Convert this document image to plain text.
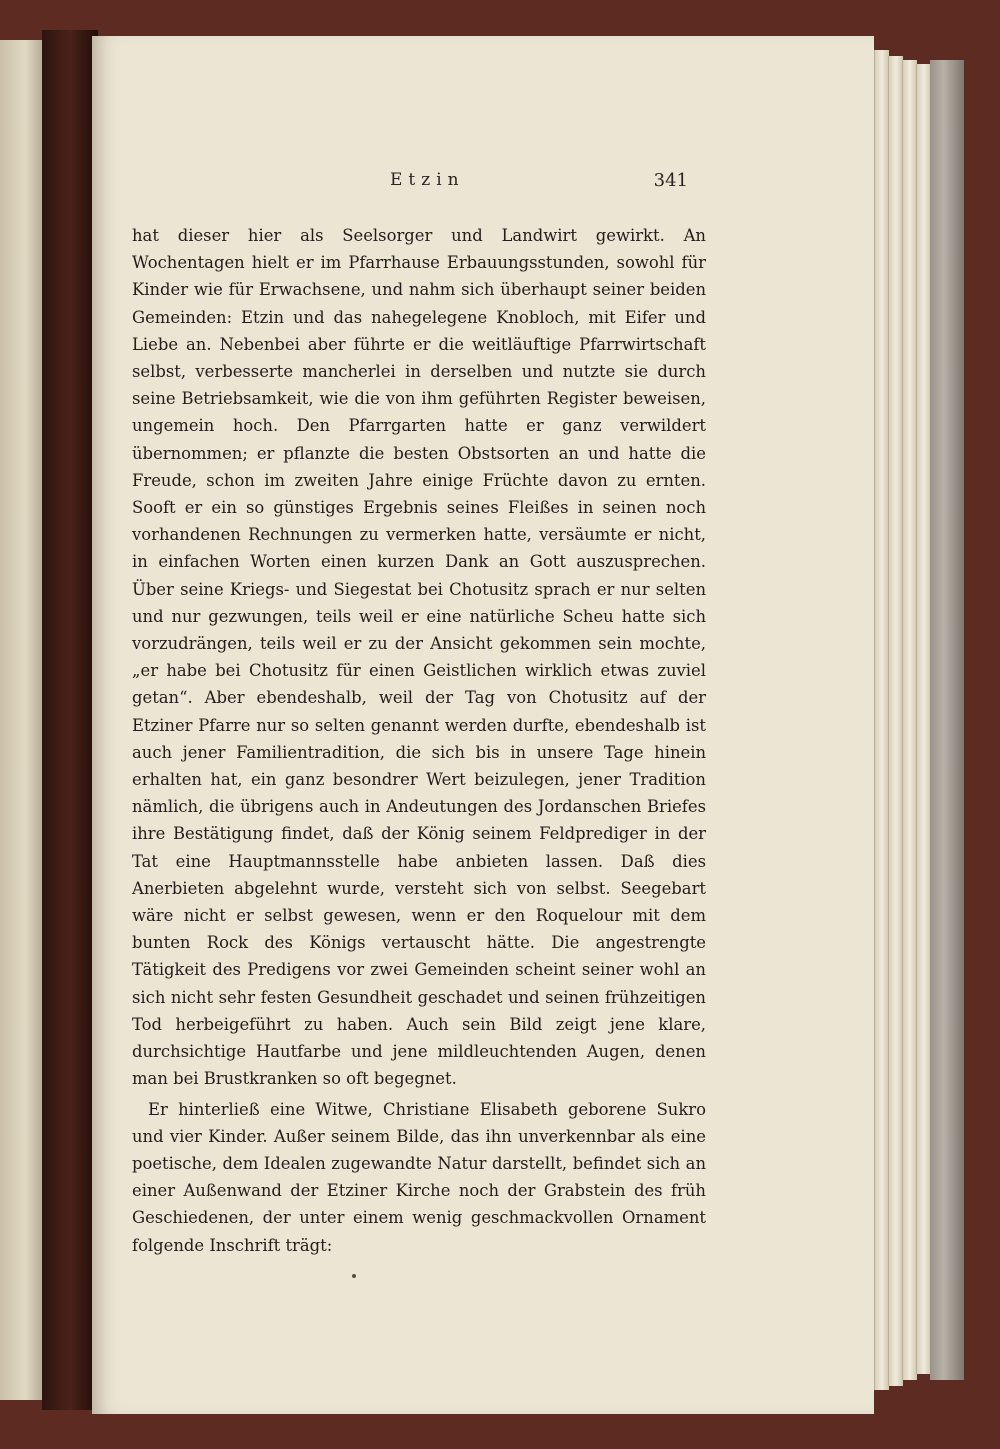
Etzin	341

hat dieser hier als Seelsorger und Landwirt gewirkt. An Wochentagen hielt er im Pfarrhause Erbauungsstunden, sowohl für Kinder wie für Erwachsene, und nahm sich überhaupt seiner beiden Gemeinden: Etzin und das nahegelegene Knobloch, mit Eifer und Liebe an. Nebenbei aber führte er die weitläuftige Pfarrwirtschaft selbst, verbesserte mancherlei in derselben und nutzte sie durch seine Betriebsamkeit, wie die von ihm geführten Register beweisen, ungemein hoch. Den Pfarrgarten hatte er ganz verwildert übernommen; er pflanzte die besten Obstsorten an und hatte die Freude, schon im zweiten Jahre einige Früchte davon zu ernten. Sooft er ein so günstiges Ergebnis seines Fleißes in seinen noch vorhandenen Rechnungen zu vermerken hatte, versäumte er nicht, in einfachen Worten einen kurzen Dank an Gott auszusprechen. Über seine Kriegs- und Siegestat bei Chotusitz sprach er nur selten und nur gezwungen, teils weil er eine natürliche Scheu hatte sich vorzudrängen, teils weil er zu der Ansicht gekommen sein mochte, „er habe bei Chotusitz für einen Geistlichen wirklich etwas zuviel getan“. Aber ebendeshalb, weil der Tag von Chotusitz auf der Etziner Pfarre nur so selten genannt werden durfte, ebendeshalb ist auch jener Familientradition, die sich bis in unsere Tage hinein erhalten hat, ein ganz besondrer Wert beizulegen, jener Tradition nämlich, die übrigens auch in Andeutungen des Jordanschen Briefes ihre Bestätigung findet, daß der König seinem Feldprediger in der Tat eine Hauptmannsstelle habe anbieten lassen. Daß dies Anerbieten abgelehnt wurde, versteht sich von selbst. Seegebart wäre nicht er selbst gewesen, wenn er den Roquelour mit dem bunten Rock des Königs vertauscht hätte. Die angestrengte Tätigkeit des Predigens vor zwei Gemeinden scheint seiner wohl an sich nicht sehr festen Gesundheit geschadet und seinen frühzeitigen Tod herbeigeführt zu haben. Auch sein Bild zeigt jene klare, durchsichtige Hautfarbe und jene mildleuchtenden Augen, denen man bei Brustkranken so oft begegnet.

Er hinterließ eine Witwe, Christiane Elisabeth geborene Sukro und vier Kinder. Außer seinem Bilde, das ihn unverkennbar als eine poetische, dem Idealen zugewandte Natur darstellt, befindet sich an einer Außenwand der Etziner Kirche noch der Grabstein des früh Geschiedenen, der unter einem wenig geschmackvollen Ornament folgende Inschrift trägt:
